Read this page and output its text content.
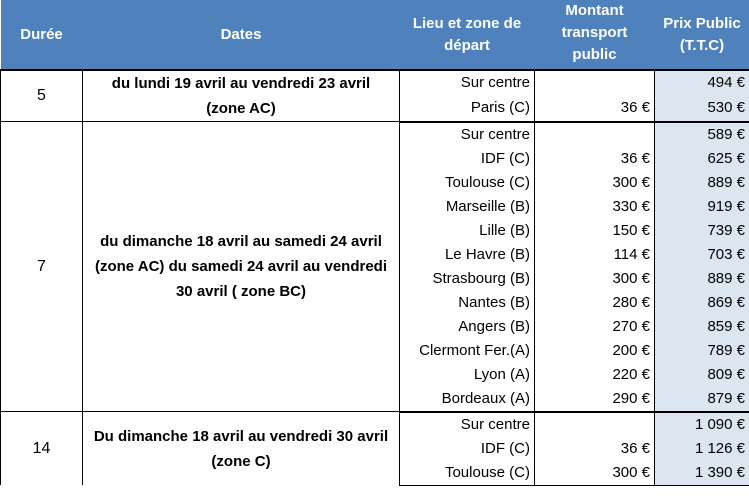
Durée	Dates	Lieu et zone de départ	Montant transport public	Prix Public (T.T.C)
5	du lundi 19 avril au vendredi 23 avril (zone AC)	Sur centre		494 €
		Paris (C)	36 €	530 €
7	du dimanche 18 avril au samedi 24 avril (zone AC) du samedi 24 avril au vendredi 30 avril ( zone BC)	Sur centre		589 €
		IDF (C)	36 €	625 €
		Toulouse (C)	300 €	889 €
		Marseille (B)	330 €	919 €
		Lille (B)	150 €	739 €
		Le Havre (B)	114 €	703 €
		Strasbourg (B)	300 €	889 €
		Nantes (B)	280 €	869 €
		Angers (B)	270 €	859 €
		Clermont Fer.(A)	200 €	789 €
		Lyon (A)	220 €	809 €
		Bordeaux (A)	290 €	879 €
14	Du dimanche 18 avril au vendredi 30 avril (zone C)	Sur centre		1 090 €
		IDF (C)	36 €	1 126 €
		Toulouse (C)	300 €	1 390 €
